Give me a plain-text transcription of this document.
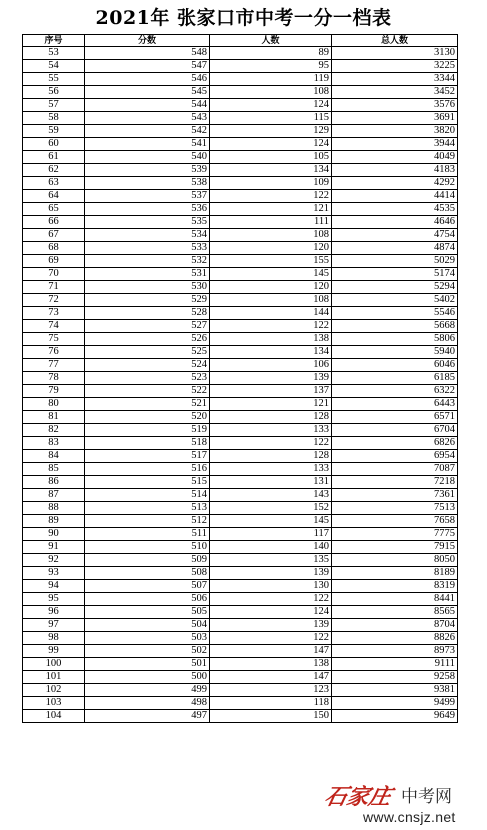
2021年 张家口市中考一分一档表
序号	分数	人数	总人数
53	548	89	3130
54	547	95	3225
55	546	119	3344
56	545	108	3452
57	544	124	3576
58	543	115	3691
59	542	129	3820
60	541	124	3944
61	540	105	4049
62	539	134	4183
63	538	109	4292
64	537	122	4414
65	536	121	4535
66	535	111	4646
67	534	108	4754
68	533	120	4874
69	532	155	5029
70	531	145	5174
71	530	120	5294
72	529	108	5402
73	528	144	5546
74	527	122	5668
75	526	138	5806
76	525	134	5940
77	524	106	6046
78	523	139	6185
79	522	137	6322
80	521	121	6443
81	520	128	6571
82	519	133	6704
83	518	122	6826
84	517	128	6954
85	516	133	7087
86	515	131	7218
87	514	143	7361
88	513	152	7513
89	512	145	7658
90	511	117	7775
91	510	140	7915
92	509	135	8050
93	508	139	8189
94	507	130	8319
95	506	122	8441
96	505	124	8565
97	504	139	8704
98	503	122	8826
99	502	147	8973
100	501	138	9111
101	500	147	9258
102	499	123	9381
103	498	118	9499
104	497	150	9649
石家庄 中考网
www.cnsjz.net
